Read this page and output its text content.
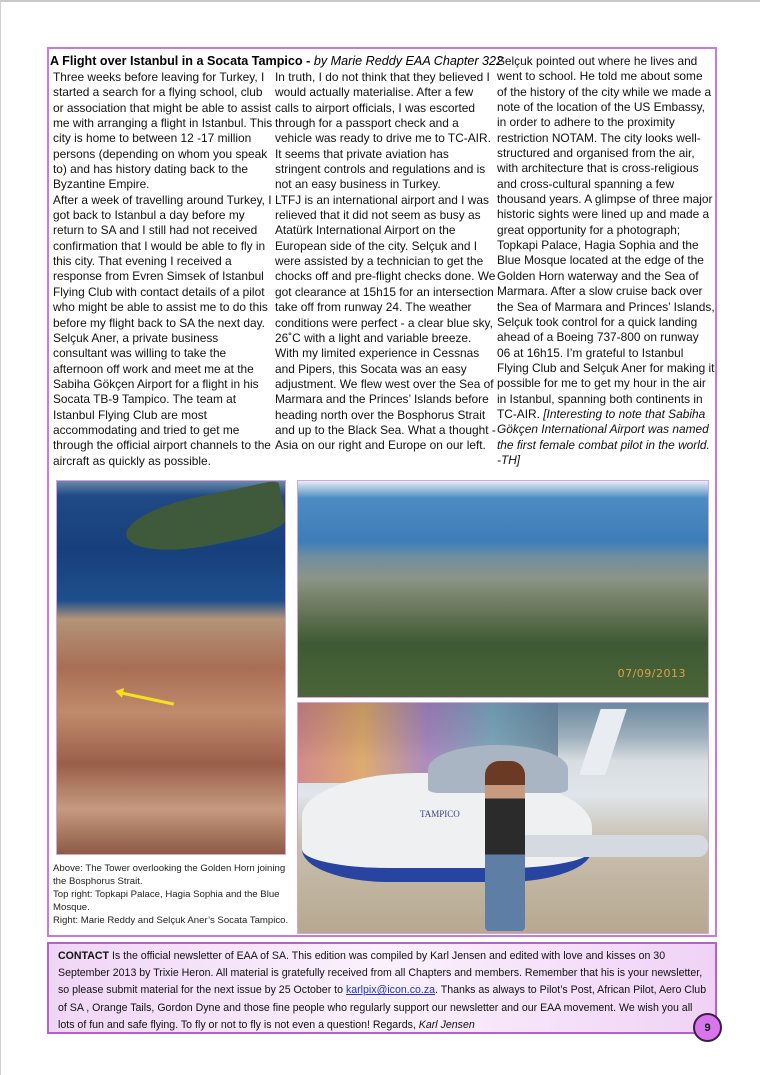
A Flight over Istanbul in a Socata Tampico - by Marie Reddy EAA Chapter 322

Three weeks before leaving for Turkey, I started a search for a flying school, club or association that might be able to assist me with arranging a flight in Istanbul. This city is home to between 12 -17 million persons (depending on whom you speak to) and has history dating back to the Byzantine Empire.

After a week of travelling around Turkey, I got back to Istanbul a day before my return to SA and I still had not received confirmation that I would be able to fly in this city. That evening I received a response from Evren Simsek of Istanbul Flying Club with contact details of a pilot who might be able to assist me to do this before my flight back to SA the next day. Selçuk Aner, a private business consultant was willing to take the afternoon off work and meet me at the Sabiha Gökçen Airport for a flight in his Socata TB-9 Tampico. The team at Istanbul Flying Club are most accommodating and tried to get me through the official airport channels to the aircraft as quickly as possible.

In truth, I do not think that they believed I would actually materialise. After a few calls to airport officials, I was escorted through for a passport check and a vehicle was ready to drive me to TC-AIR. It seems that private aviation has stringent controls and regulations and is not an easy business in Turkey.

LTFJ is an international airport and I was relieved that it did not seem as busy as Atatürk International Airport on the European side of the city. Selçuk and I were assisted by a technician to get the chocks off and pre-flight checks done. We got clearance at 15h15 for an intersection take off from runway 24. The weather conditions were perfect - a clear blue sky, 26˚C with a light and variable breeze. With my limited experience in Cessnas and Pipers, this Socata was an easy adjustment. We flew west over the Sea of Marmara and the Princes’ Islands before heading north over the Bosphorus Strait and up to the Black Sea. What a thought - Asia on our right and Europe on our left.

Selçuk pointed out where he lives and went to school. He told me about some of the history of the city while we made a note of the location of the US Embassy, in order to adhere to the proximity restriction NOTAM. The city looks well-structured and organised from the air, with architecture that is cross-religious and cross-cultural spanning a few thousand years. A glimpse of three major historic sights were lined up and made a great opportunity for a photograph; Topkapi Palace, Hagia Sophia and the Blue Mosque located at the edge of the Golden Horn waterway and the Sea of Marmara. After a slow cruise back over the Sea of Marmara and Princes’ Islands, Selçuk took control for a quick landing ahead of a Boeing 737-800 on runway 06 at 16h15. I’m grateful to Istanbul Flying Club and Selçuk Aner for making it possible for me to get my hour in the air in Istanbul, spanning both continents in TC-AIR. [Interesting to note that Sabiha Gökçen International Airport was named the first female combat pilot in the world. -TH]

07/09/2013
TAMPICO

Above: The Tower overlooking the Golden Horn joining the Bosphorus Strait.

Top right: Topkapi Palace, Hagia Sophia and the Blue Mosque.

Right: Marie Reddy and Selçuk Aner’s Socata Tampico.

CONTACT Is the official newsletter of EAA of SA. This edition was compiled by Karl Jensen and edited with love and kisses on 30 September 2013 by Trixie Heron. All material is gratefully received from all Chapters and members. Remember that his is your newsletter, so please submit material for the next issue by 25 October to karlpix@icon.co.za. Thanks as always to Pilot’s Post, African Pilot, Aero Club of SA , Orange Tails, Gordon Dyne and those fine people who regularly support our newsletter and our EAA movement. We wish you all lots of fun and safe flying. To fly or not to fly is not even a question! Regards, Karl Jensen	9
